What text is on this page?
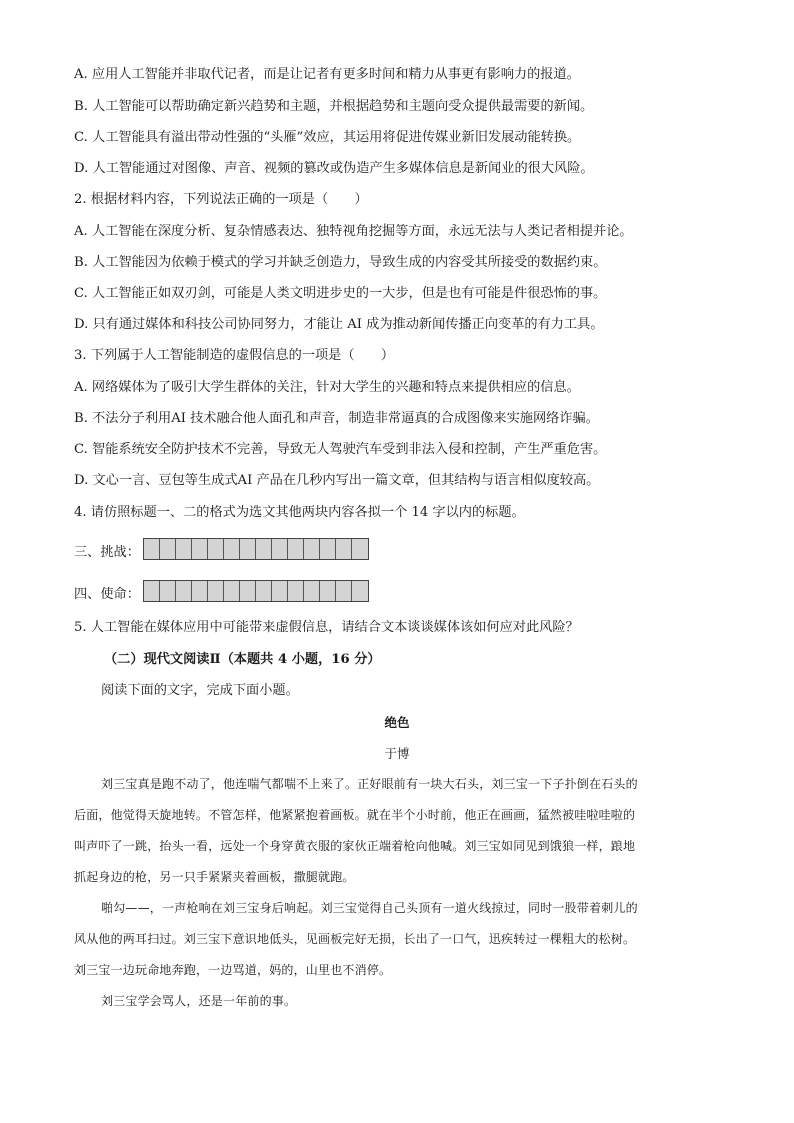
A. 应用人工智能并非取代记者，而是让记者有更多时间和精力从事更有影响力的报道。
B. 人工智能可以帮助确定新兴趋势和主题，并根据趋势和主题向受众提供最需要的新闻。
C. 人工智能具有溢出带动性强的“头雁”效应，其运用将促进传媒业新旧发展动能转换。
D. 人工智能通过对图像、声音、视频的篡改或伪造产生多媒体信息是新闻业的很大风险。
2. 根据材料内容，下列说法正确的一项是（　　）
A. 人工智能在深度分析、复杂情感表达、独特视角挖掘等方面，永远无法与人类记者相提并论。
B. 人工智能因为依赖于模式的学习并缺乏创造力，导致生成的内容受其所接受的数据约束。
C. 人工智能正如双刃剑，可能是人类文明进步史的一大步，但是也有可能是件很恐怖的事。
D. 只有通过媒体和科技公司协同努力，才能让 AI 成为推动新闻传播正向变革的有力工具。
3. 下列属于人工智能制造的虚假信息的一项是（　　）
A. 网络媒体为了吸引大学生群体的关注，针对大学生的兴趣和特点来提供相应的信息。
B. 不法分子利用AI 技术融合他人面孔和声音，制造非常逼真的合成图像来实施网络诈骗。
C. 智能系统安全防护技术不完善，导致无人驾驶汽车受到非法入侵和控制，产生严重危害。
D. 文心一言、豆包等生成式AI 产品在几秒内写出一篇文章，但其结构与语言相似度较高。
4. 请仿照标题一、二的格式为选文其他两块内容各拟一个 14 字以内的标题。
三、挑战：
四、使命：
5. 人工智能在媒体应用中可能带来虚假信息，请结合文本谈谈媒体该如何应对此风险？
（二）现代文阅读Ⅱ（本题共 4 小题，16 分）
阅读下面的文字，完成下面小题。
绝色
于博
刘三宝真是跑不动了，他连喘气都喘不上来了。正好眼前有一块大石头，刘三宝一下子扑倒在石头的
后面，他觉得天旋地转。不管怎样，他紧紧抱着画板。就在半个小时前，他正在画画，猛然被哇啦哇啦的
叫声吓了一跳，抬头一看，远处一个身穿黄衣服的家伙正端着枪向他喊。刘三宝如同见到饿狼一样，踉地
抓起身边的枪，另一只手紧紧夹着画板，撒腿就跑。
啪勾——，一声枪响在刘三宝身后响起。刘三宝觉得自己头顶有一道火线掠过，同时一股带着刺儿的
风从他的两耳扫过。刘三宝下意识地低头，见画板完好无损，长出了一口气，迅疾转过一棵粗大的松树。
刘三宝一边玩命地奔跑，一边骂道，妈的，山里也不消停。
刘三宝学会骂人，还是一年前的事。
